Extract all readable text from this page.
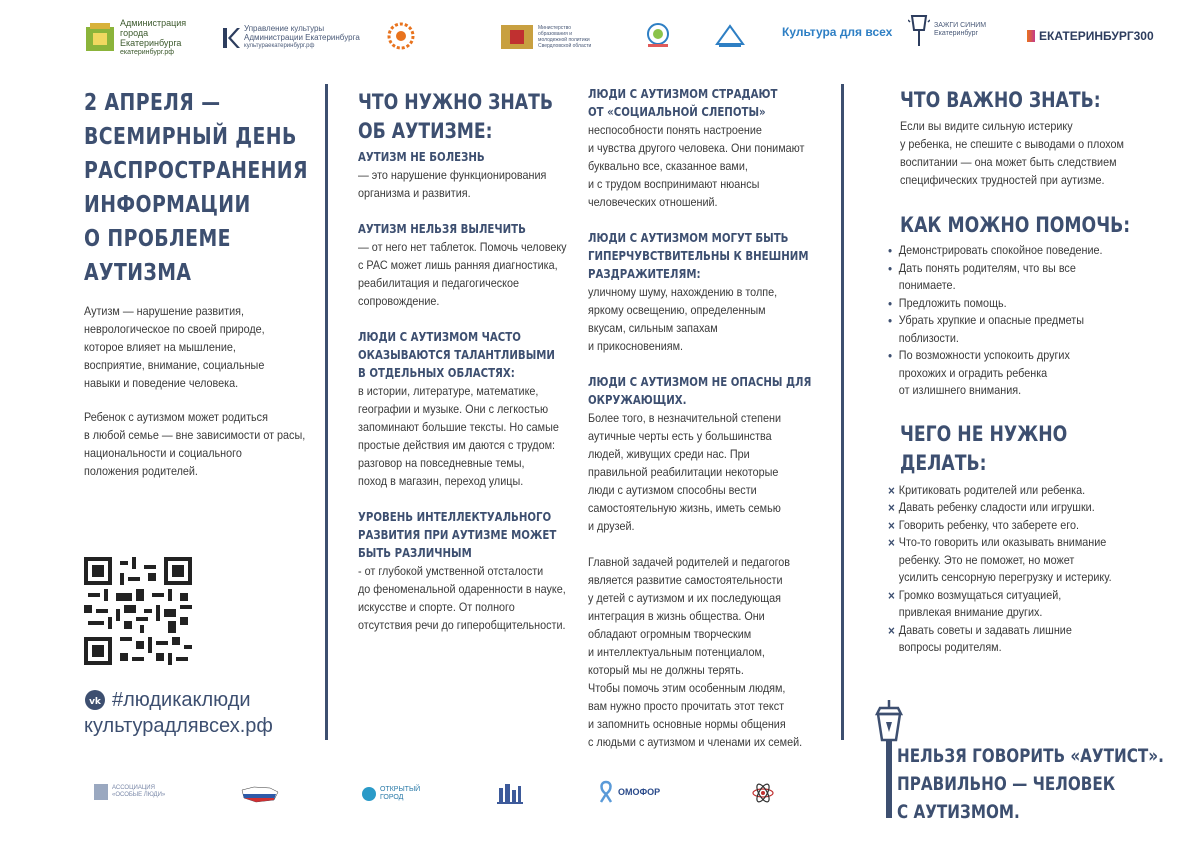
Администрация города Екатеринбурга
екатеринбург.рф
Управление культуры Администрации Екатеринбурга
культураекатеринбург.рф
Министерство образования и молодежной политики Свердловской области
Культура для всех	ЗАЖГИ СИНИМ Екатеринбург	ЕКАТЕРИНБУРГ300

2 АПРЕЛЯ —

ВСЕМИРНЫЙ ДЕНЬ

РАСПРОСТРАНЕНИЯ

ИНФОРМАЦИИ

О ПРОБЛЕМЕ

АУТИЗМА

Аутизм — нарушение развития,

неврологическое по своей природе,

которое влияет на мышление,

восприятие, внимание, социальные

навыки и поведение человека.

Ребенок с аутизмом может родиться

в любой семье — вне зависимости от расы,

национальности и социального

положения родителей.

vk #людикаклюди
культурадлявсех.рф

ЧТО НУЖНО ЗНАТЬ

ОБ АУТИЗМЕ:

АУТИЗМ НЕ БОЛЕЗНЬ

— это нарушение функционирования

организма и развития.

АУТИЗМ НЕЛЬЗЯ ВЫЛЕЧИТЬ

— от него нет таблеток. Помочь человеку

с РАС может лишь ранняя диагностика,

реабилитация и педагогическое

сопровождение.

ЛЮДИ С АУТИЗМОМ ЧАСТО

ОКАЗЫВАЮТСЯ ТАЛАНТЛИВЫМИ

В ОТДЕЛЬНЫХ ОБЛАСТЯХ:

в истории, литературе, математике,

географии и музыке. Они с легкостью

запоминают большие тексты. Но самые

простые действия им даются с трудом:

разговор на повседневные темы,

поход в магазин, переход улицы.

УРОВЕНЬ ИНТЕЛЛЕКТУАЛЬНОГО

РАЗВИТИЯ ПРИ АУТИЗМЕ МОЖЕТ

БЫТЬ РАЗЛИЧНЫМ

- от глубокой умственной отсталости

до феноменальной одаренности в науке,

искусстве и спорте. От полного

отсутствия речи до гиперобщительности.

ЛЮДИ С АУТИЗМОМ СТРАДАЮТ

ОТ «СОЦИАЛЬНОЙ СЛЕПОТЫ»

неспособности понять настроение

и чувства другого человека. Они понимают

буквально все, сказанное вами,

и с трудом воспринимают нюансы

человеческих отношений.

ЛЮДИ С АУТИЗМОМ МОГУТ БЫТЬ

ГИПЕРЧУВСТВИТЕЛЬНЫ К ВНЕШНИМ

РАЗДРАЖИТЕЛЯМ:

уличному шуму, нахождению в толпе,

яркому освещению, определенным

вкусам, сильным запахам

и прикосновениям.

ЛЮДИ С АУТИЗМОМ НЕ ОПАСНЫ ДЛЯ

ОКРУЖАЮЩИХ.

Более того, в незначительной степени

аутичные черты есть у большинства

людей, живущих среди нас. При

правильной реабилитации некоторые

люди с аутизмом способны вести

самостоятельную жизнь, иметь семью

и друзей.

Главной задачей родителей и педагогов

является развитие самостоятельности

у детей с аутизмом и их последующая

интеграция в жизнь общества. Они

обладают огромным творческим

и интеллектуальным потенциалом,

который мы не должны терять.

Чтобы помочь этим особенным людям,

вам нужно просто прочитать этот текст

и запомнить основные нормы общения

с людьми с аутизмом и членами их семей.

ЧТО ВАЖНО ЗНАТЬ:

Если вы видите сильную истерику

у ребенка, не спешите с выводами о плохом

воспитании — она может быть следствием

специфических трудностей при аутизме.

КАК МОЖНО ПОМОЧЬ:

• Демонстрировать спокойное поведение.
• Дать понять родителям, что вы все
понимаете.
• Предложить помощь.
• Убрать хрупкие и опасные предметы
поблизости.
• По возможности успокоить других
прохожих и оградить ребенка
от излишнего внимания.

ЧЕГО НЕ НУЖНО

ДЕЛАТЬ:

× Критиковать родителей или ребенка.
× Давать ребенку сладости или игрушки.
× Говорить ребенку, что заберете его.
× Что-то говорить или оказывать внимание
ребенку. Это не поможет, но может
усилить сенсорную перегрузку и истерику.
× Громко возмущаться ситуацией,
привлекая внимание других.
× Давать советы и задавать лишние
вопросы родителям.

НЕЛЬЗЯ ГОВОРИТЬ «АУТИСТ».

ПРАВИЛЬНО — ЧЕЛОВЕК

С АУТИЗМОМ.

АССОЦИАЦИЯ «ОСОБЫЕ ЛЮДИ»
ОТКРЫТЫЙ ГОРОД
ОМОФОР
